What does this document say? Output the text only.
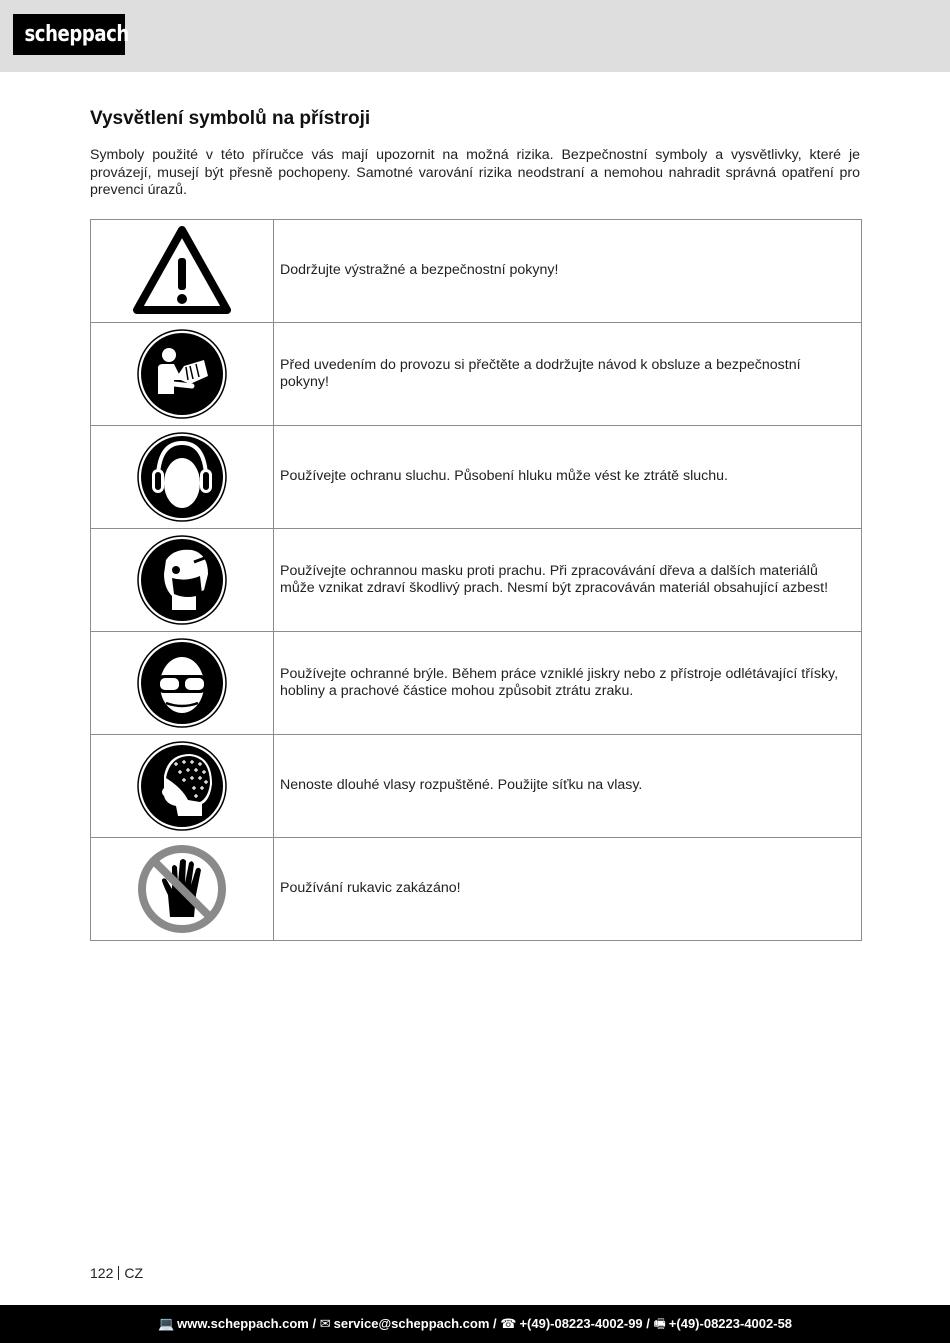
scheppach
Vysvětlení symbolů na přístroji

Symboly použité v této příručce vás mají upozornit na možná rizika. Bezpečnostní symboly a vysvětlivky, které je provázejí, musejí být přesně pochopeny. Samotné varování rizika neodstraní a nemohou nahradit správná opatření pro prevenci úrazů.

	Dodržujte výstražné a bezpečnostní pokyny!

	Před uvedením do provozu si přečtěte a dodržujte návod k obsluze a bezpečnostní pokyny!

	Používejte ochranu sluchu. Působení hluku může vést ke ztrátě sluchu.

	Používejte ochrannou masku proti prachu. Při zpracovávání dřeva a dalších materiálů může vznikat zdraví škodlivý prach. Nesmí být zpracováván materiál obsahující azbest!

	Používejte ochranné brýle. Během práce vzniklé jiskry nebo z přístroje odlétávající třísky, hobliny a prachové částice mohou způsobit ztrátu zraku.

	Nenoste dlouhé vlasy rozpuštěné. Použijte síťku na vlasy.

	Používání rukavic zakázáno!
122 CZ
💻 www.scheppach.com / ✉ service@scheppach.com / ☎ +(49)-08223-4002-99 / 🖷 +(49)-08223-4002-58
